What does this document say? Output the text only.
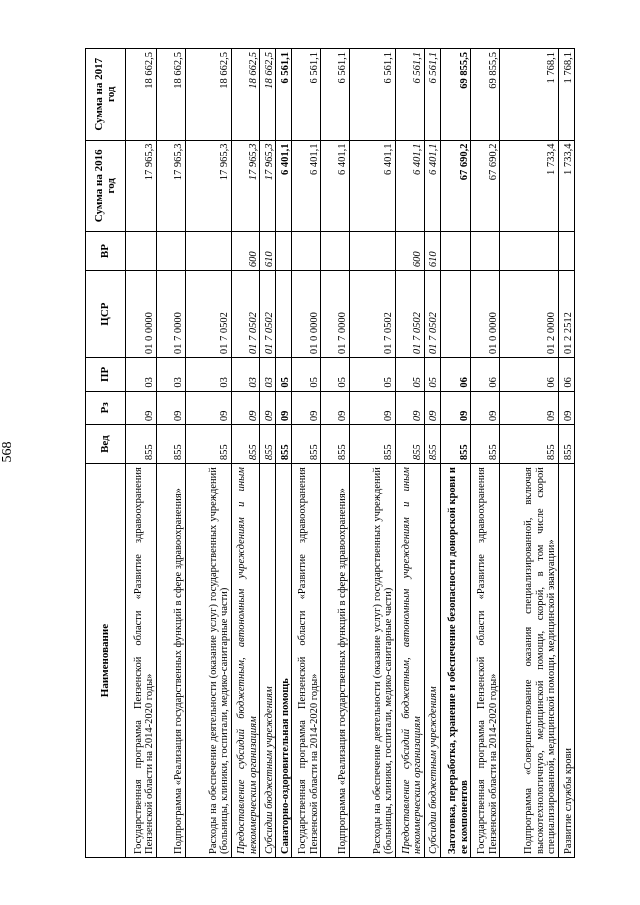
568
Наименование	Вед	Рз	ПР	ЦСР	ВР	Сумма на 2016 год	Сумма на 2017 год
Государственная программа Пензенской области «Развитие здравоохранения Пензенской области на 2014-2020 годы»	855	09	03	01 0 0000		17 965,3	18 662,5
Подпрограмма «Реализация государственных функций в сфере здравоохранения»	855	09	03	01 7 0000		17 965,3	18 662,5
Расходы на обеспечение деятельности (оказание услуг) государственных учреждений (больницы, клиники, госпитали, медико-санитарные части)	855	09	03	01 7 0502		17 965,3	18 662,5
Предоставление субсидий бюджетным, автономным учреждениям и иным некоммерческим организациям	855	09	03	01 7 0502	600	17 965,3	18 662,5
Субсидии бюджетным учреждениям	855	09	03	01 7 0502	610	17 965,3	18 662,5
Санаторно-оздоровительная помощь	855	09	05			6 401,1	6 561,1
Государственная программа Пензенской области «Развитие здравоохранения Пензенской области на 2014-2020 годы»	855	09	05	01 0 0000		6 401,1	6 561,1
Подпрограмма «Реализация государственных функций в сфере здравоохранения»	855	09	05	01 7 0000		6 401,1	6 561,1
Расходы на обеспечение деятельности (оказание услуг) государственных учреждений (больницы, клиники, госпитали, медико-санитарные части)	855	09	05	01 7 0502		6 401,1	6 561,1
Предоставление субсидий бюджетным, автономным учреждениям и иным некоммерческим организациям	855	09	05	01 7 0502	600	6 401,1	6 561,1
Субсидии бюджетным учреждениям	855	09	05	01 7 0502	610	6 401,1	6 561,1
Заготовка, переработка, хранение и обеспечение безопасности донорской крови и ее компонентов	855	09	06			67 690,2	69 855,5
Государственная программа Пензенской области «Развитие здравоохранения Пензенской области на 2014-2020 годы»	855	09	06	01 0 0000		67 690,2	69 855,5
Подпрограмма «Совершенствование оказания специализированной, включая высокотехнологичную, медицинской помощи, скорой, в том числе скорой специализированной, медицинской помощи, медицинской эвакуации»	855	09	06	01 2 0000		1 733,4	1 768,1
Развитие службы крови	855	09	06	01 2 2512		1 733,4	1 768,1
